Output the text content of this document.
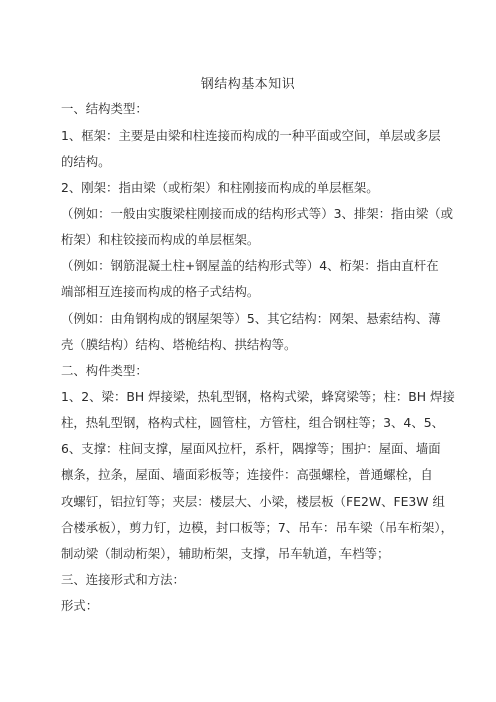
钢结构基本知识
一、结构类型：
1、框架：主要是由梁和柱连接而构成的一种平面或空间，单层或多层
的结构。
2、刚架：指由梁（或桁架）和柱刚接而构成的单层框架。
（例如：一般由实腹梁柱刚接而成的结构形式等）3、排架：指由梁（或
桁架）和柱铰接而构成的单层框架。
（例如：钢筋混凝土柱+钢屋盖的结构形式等）4、桁架：指由直杆在
端部相互连接而构成的格子式结构。
（例如：由角钢构成的钢屋架等）5、其它结构：网架、悬索结构、薄
壳（膜结构）结构、塔桅结构、拱结构等。
二、构件类型：
1、2、梁：BH 焊接梁，热轧型钢，格构式梁，蜂窝梁等；柱：BH 焊接
柱，热轧型钢，格构式柱，圆管柱，方管柱，组合钢柱等；3、4、5、
6、支撑：柱间支撑，屋面风拉杆，系杆，隅撑等；围护：屋面、墙面
檩条，拉条，屋面、墙面彩板等；连接件：高强螺栓，普通螺栓，自
攻螺钉，铝拉钉等；夹层：楼层大、小梁，楼层板（FE2W、FE3W 组
合楼承板），剪力钉，边模，封口板等；7、吊车：吊车梁（吊车桁架），
制动梁（制动桁架），辅助桁架，支撑，吊车轨道，车档等；
三、连接形式和方法：
形式：
